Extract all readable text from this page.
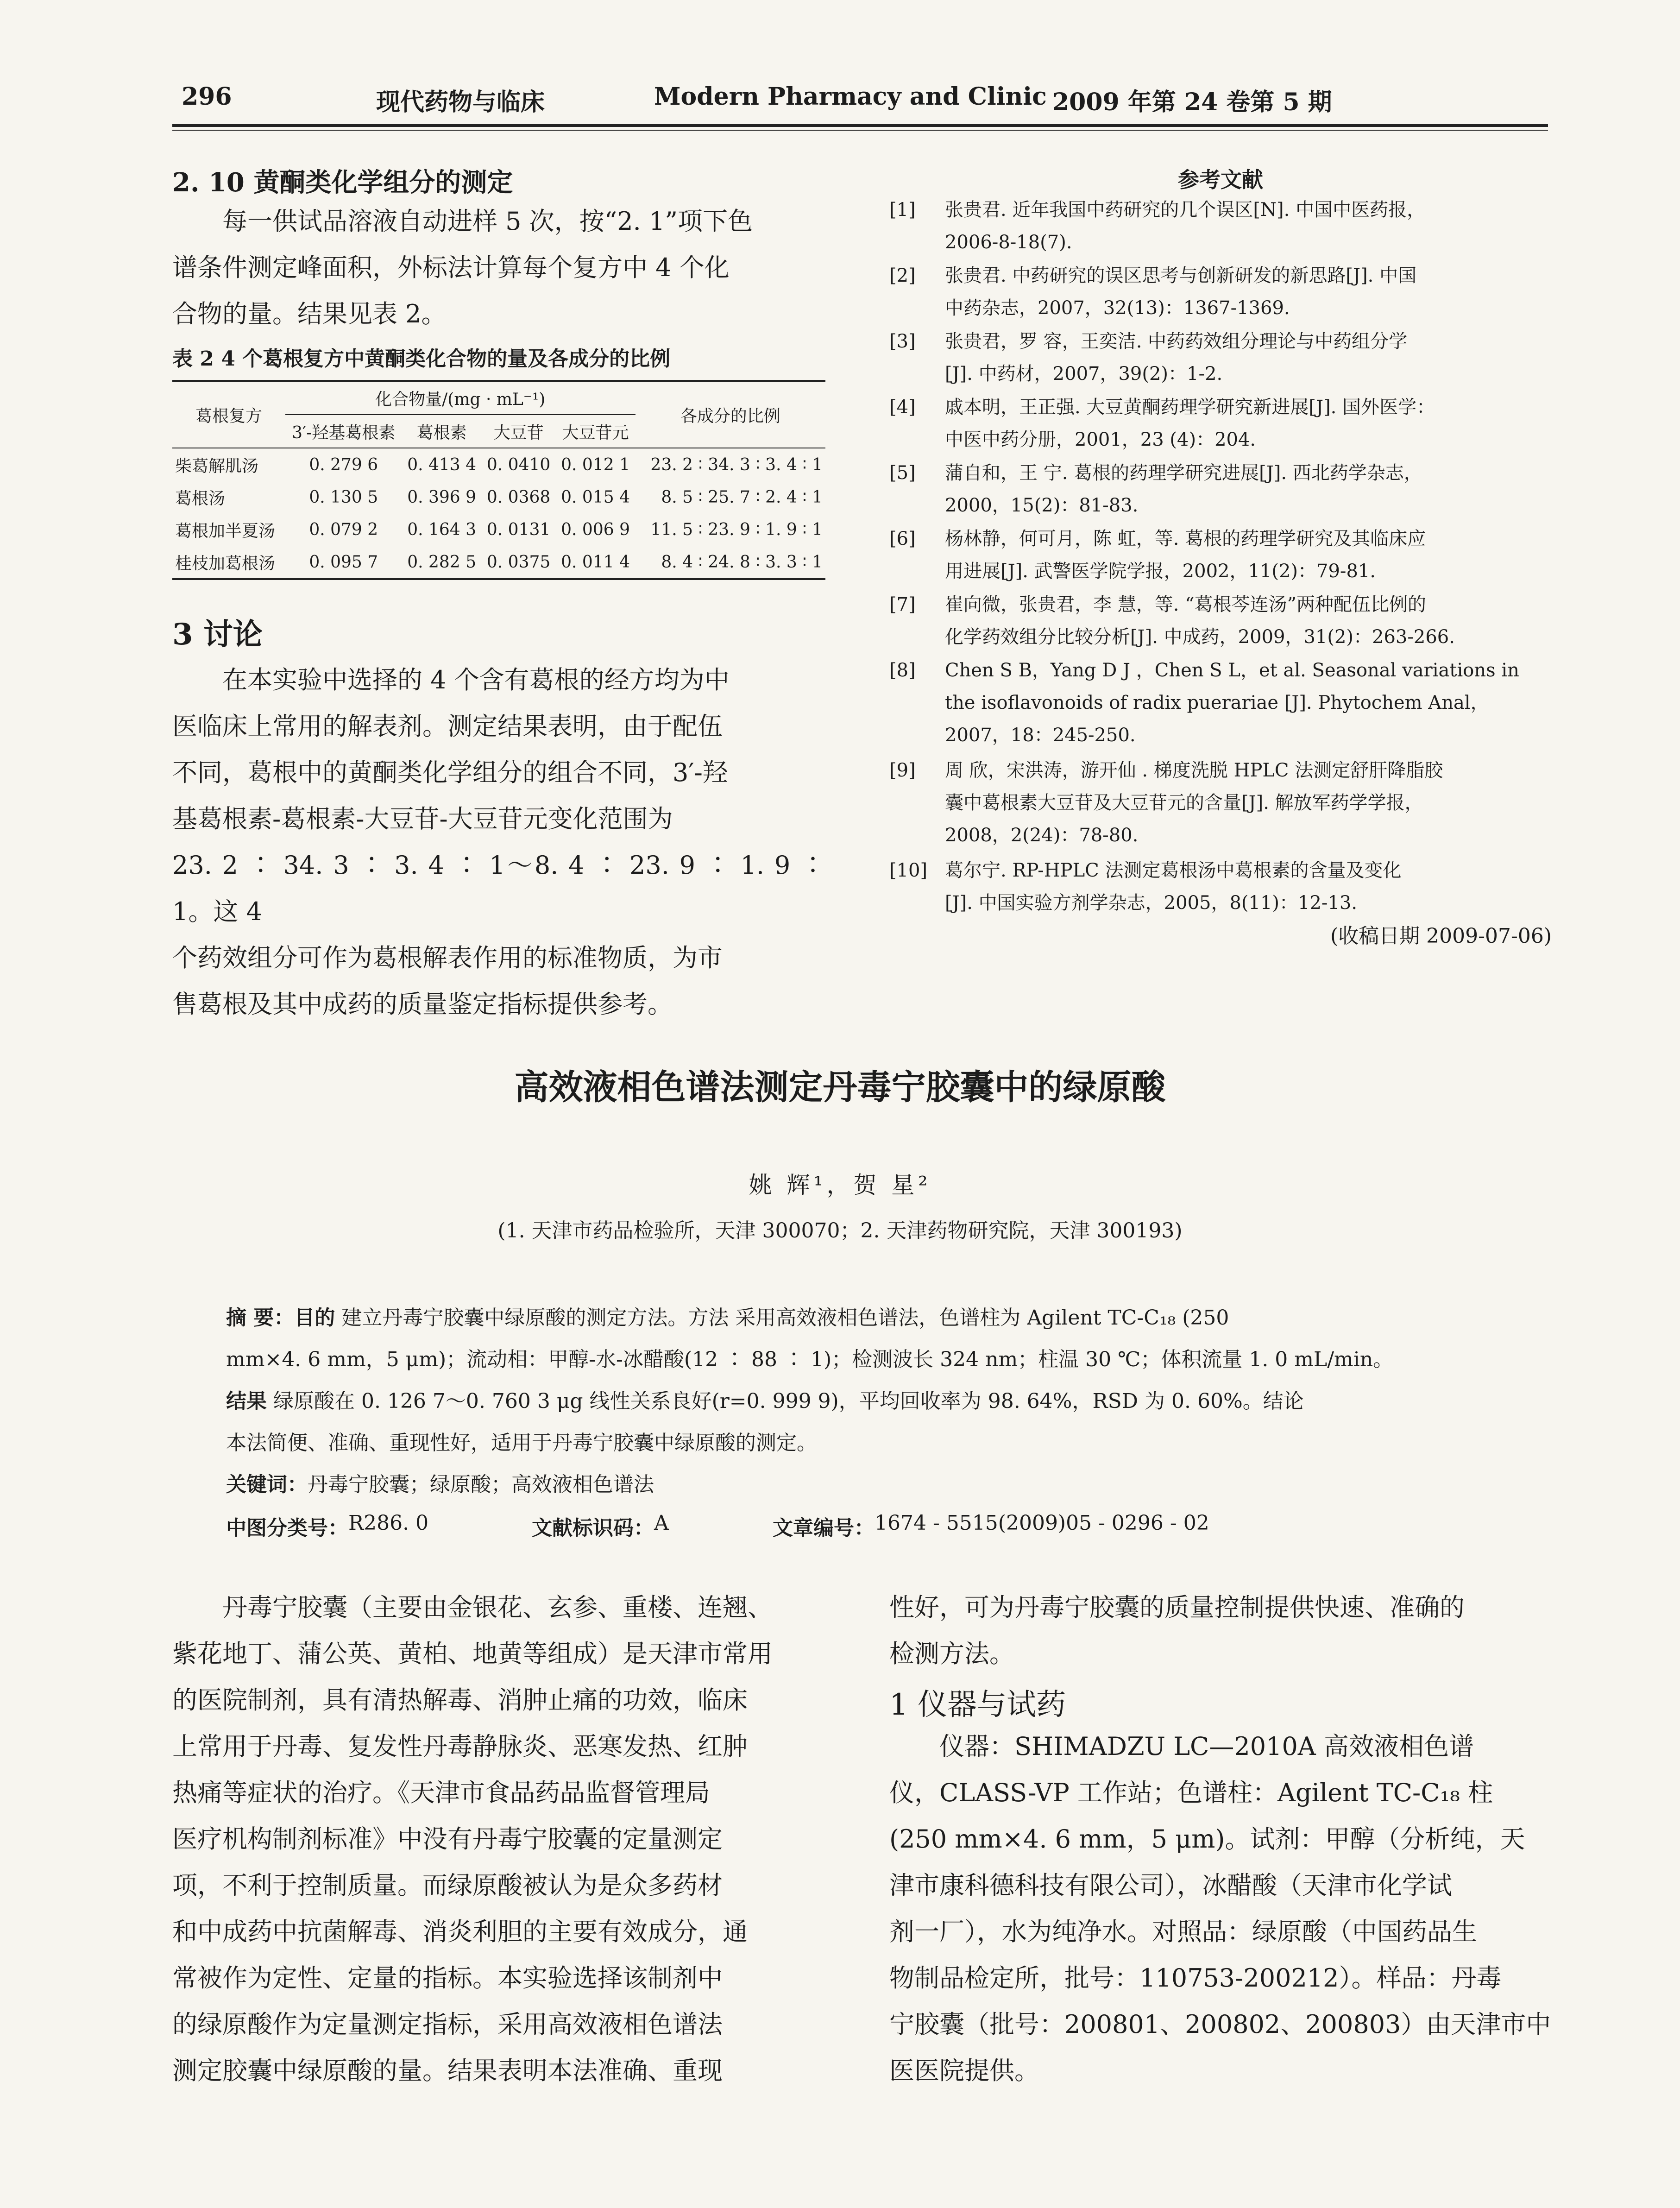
296	现代药物与临床	Modern Pharmacy and Clinic 2009 年第 24 卷第 5 期
2. 10 黄酮类化学组分的测定
每一供试品溶液自动进样 5 次，按“2. 1”项下色
谱条件测定峰面积，外标法计算每个复方中 4 个化
合物的量。结果见表 2。
表 2 4 个葛根复方中黄酮类化合物的量及各成分的比例
葛根复方	化合物量/(mg · mL⁻¹)				各成分的比例
	3′-羟基葛根素	葛根素	大豆苷	大豆苷元	
柴葛解肌汤	0. 279 6	0. 413 4	0. 0410	0. 012 1	23. 2 ∶ 34. 3 ∶ 3. 4 ∶ 1
葛根汤	0. 130 5	0. 396 9	0. 0368	0. 015 4	8. 5 ∶ 25. 7 ∶ 2. 4 ∶ 1
葛根加半夏汤	0. 079 2	0. 164 3	0. 0131	0. 006 9	11. 5 ∶ 23. 9 ∶ 1. 9 ∶ 1
桂枝加葛根汤	0. 095 7	0. 282 5	0. 0375	0. 011 4	8. 4 ∶ 24. 8 ∶ 3. 3 ∶ 1
3 讨论
在本实验中选择的 4 个含有葛根的经方均为中
医临床上常用的解表剂。测定结果表明，由于配伍
不同，葛根中的黄酮类化学组分的组合不同，3′-羟
基葛根素-葛根素-大豆苷-大豆苷元变化范围为
23. 2 ∶ 34. 3 ∶ 3. 4 ∶ 1～8. 4 ∶ 23. 9 ∶ 1. 9 ∶ 1。这 4
个药效组分可作为葛根解表作用的标准物质，为市
售葛根及其中成药的质量鉴定指标提供参考。
参考文献
[1] 张贵君. 近年我国中药研究的几个误区[N]. 中国中医药报，
2006-8-18(7).
[2] 张贵君. 中药研究的误区思考与创新研发的新思路[J]. 中国
中药杂志，2007，32(13)：1367-1369.
[3] 张贵君，罗 容，王奕洁. 中药药效组分理论与中药组分学
[J]. 中药材，2007，39(2)：1-2.
[4] 戚本明，王正强. 大豆黄酮药理学研究新进展[J]. 国外医学：
中医中药分册，2001，23 (4)：204.
[5] 蒲自和，王 宁. 葛根的药理学研究进展[J]. 西北药学杂志，
2000，15(2)：81-83.
[6] 杨林静，何可月，陈 虹，等. 葛根的药理学研究及其临床应
用进展[J]. 武警医学院学报，2002，11(2)：79-81.
[7] 崔向微，张贵君，李 慧，等. “葛根芩连汤”两种配伍比例的
化学药效组分比较分析[J]. 中成药，2009，31(2)：263-266.
[8] Chen S B，Yang D J ，Chen S L，et al. Seasonal variations in
the isoflavonoids of radix puerariae [J]. Phytochem Anal，
2007，18：245-250.
[9] 周 欣，宋洪涛，游开仙 . 梯度洗脱 HPLC 法测定舒肝降脂胶
囊中葛根素大豆苷及大豆苷元的含量[J]. 解放军药学学报，
2008，2(24)：78-80.
[10] 葛尔宁. RP-HPLC 法测定葛根汤中葛根素的含量及变化
[J]. 中国实验方剂学杂志，2005，8(11)：12-13.
(收稿日期 2009-07-06)
高效液相色谱法测定丹毒宁胶囊中的绿原酸
姚 辉¹，贺 星²
(1. 天津市药品检验所，天津 300070；2. 天津药物研究院，天津 300193)
摘 要：目的 建立丹毒宁胶囊中绿原酸的测定方法。方法 采用高效液相色谱法，色谱柱为 Agilent TC-C₁₈ (250
mm×4. 6 mm，5 μm)；流动相：甲醇-水-冰醋酸(12 ∶ 88 ∶ 1)；检测波长 324 nm；柱温 30 ℃；体积流量 1. 0 mL/min。
结果 绿原酸在 0. 126 7～0. 760 3 μg 线性关系良好(r=0. 999 9)，平均回收率为 98. 64%，RSD 为 0. 60%。结论
本法简便、准确、重现性好，适用于丹毒宁胶囊中绿原酸的测定。
关键词：丹毒宁胶囊；绿原酸；高效液相色谱法
中图分类号： R286. 0	文献标识码： A	文章编号： 1674 - 5515(2009)05 - 0296 - 02
丹毒宁胶囊（主要由金银花、玄参、重楼、连翘、
紫花地丁、蒲公英、黄柏、地黄等组成）是天津市常用
的医院制剂，具有清热解毒、消肿止痛的功效，临床
上常用于丹毒、复发性丹毒静脉炎、恶寒发热、红肿
热痛等症状的治疗。《天津市食品药品监督管理局
医疗机构制剂标准》中没有丹毒宁胶囊的定量测定
项，不利于控制质量。而绿原酸被认为是众多药材
和中成药中抗菌解毒、消炎利胆的主要有效成分，通
常被作为定性、定量的指标。本实验选择该制剂中
的绿原酸作为定量测定指标，采用高效液相色谱法
测定胶囊中绿原酸的量。结果表明本法准确、重现
性好，可为丹毒宁胶囊的质量控制提供快速、准确的
检测方法。
1 仪器与试药
仪器：SHIMADZU LC—2010A 高效液相色谱
仪，CLASS-VP 工作站；色谱柱：Agilent TC-C₁₈ 柱
(250 mm×4. 6 mm，5 μm)。试剂：甲醇（分析纯，天
津市康科德科技有限公司），冰醋酸（天津市化学试
剂一厂），水为纯净水。对照品：绿原酸（中国药品生
物制品检定所，批号：110753-200212）。样品：丹毒
宁胶囊（批号：200801、200802、200803）由天津市中
医医院提供。
